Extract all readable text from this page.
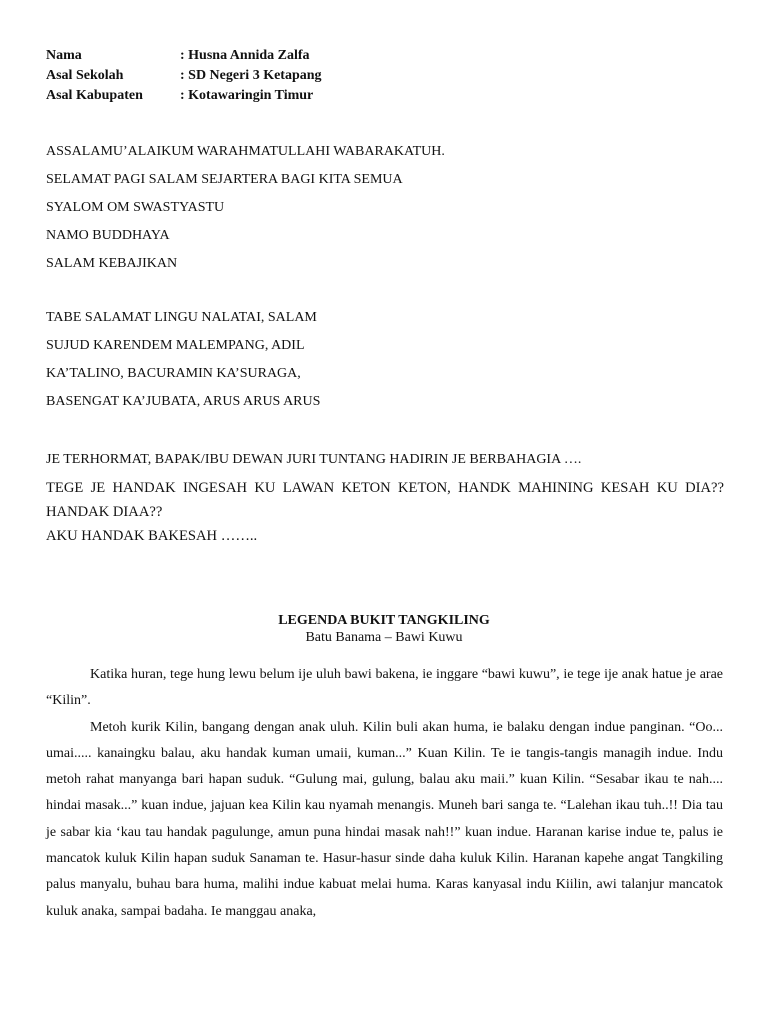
Nama	: Husna Annida Zalfa
Asal Sekolah	: SD Negeri 3 Ketapang
Asal Kabupaten	: Kotawaringin Timur
ASSALAMU’ALAIKUM WARAHMATULLAHI WABARAKATUH.
SELAMAT PAGI SALAM SEJARTERA BAGI KITA SEMUA
SYALOM OM SWASTYASTU
NAMO BUDDHAYA
SALAM KEBAJIKAN
TABE SALAMAT LINGU NALATAI, SALAM
SUJUD KARENDEM MALEMPANG, ADIL
KA’TALINO, BACURAMIN KA’SURAGA,
BASENGAT KA’JUBATA, ARUS ARUS ARUS
JE TERHORMAT, BAPAK/IBU DEWAN JURI TUNTANG HADIRIN JE BERBAHAGIA ….
TEGE JE HANDAK INGESAH KU LAWAN KETON KETON, HANDK MAHINING KESAH KU DIA??
HANDAK DIAA??
AKU HANDAK BAKESAH ……..
LEGENDA BUKIT TANGKILING
Batu Banama – Bawi Kuwu

Katika huran, tege hung lewu belum ije uluh bawi bakena, ie inggare “bawi kuwu”, ie tege ije anak hatue je arae “Kilin”.

Metoh kurik Kilin, bangang dengan anak uluh. Kilin buli akan huma, ie balaku dengan indue panginan. “Oo... umai..... kanaingku balau, aku handak kuman umaii, kuman...” Kuan Kilin. Te ie tangis-tangis managih indue. Indu metoh rahat manyanga bari hapan suduk. “Gulung mai, gulung, balau aku maii.” kuan Kilin. “Sesabar ikau te nah.... hindai masak...” kuan indue, jajuan kea Kilin kau nyamah menangis. Muneh bari sanga te. “Lalehan ikau tuh..!! Dia tau je sabar kia ‘kau tau handak pagulunge, amun puna hindai masak nah!!” kuan indue. Haranan karise indue te, palus ie mancatok kuluk Kilin hapan suduk Sanaman te. Hasur-hasur sinde daha kuluk Kilin. Haranan kapehe angat Tangkiling palus manyalu, buhau bara huma, malihi indue kabuat melai huma. Karas kanyasal indu Kiilin, awi talanjur mancatok kuluk anaka, sampai badaha. Ie manggau anaka,
